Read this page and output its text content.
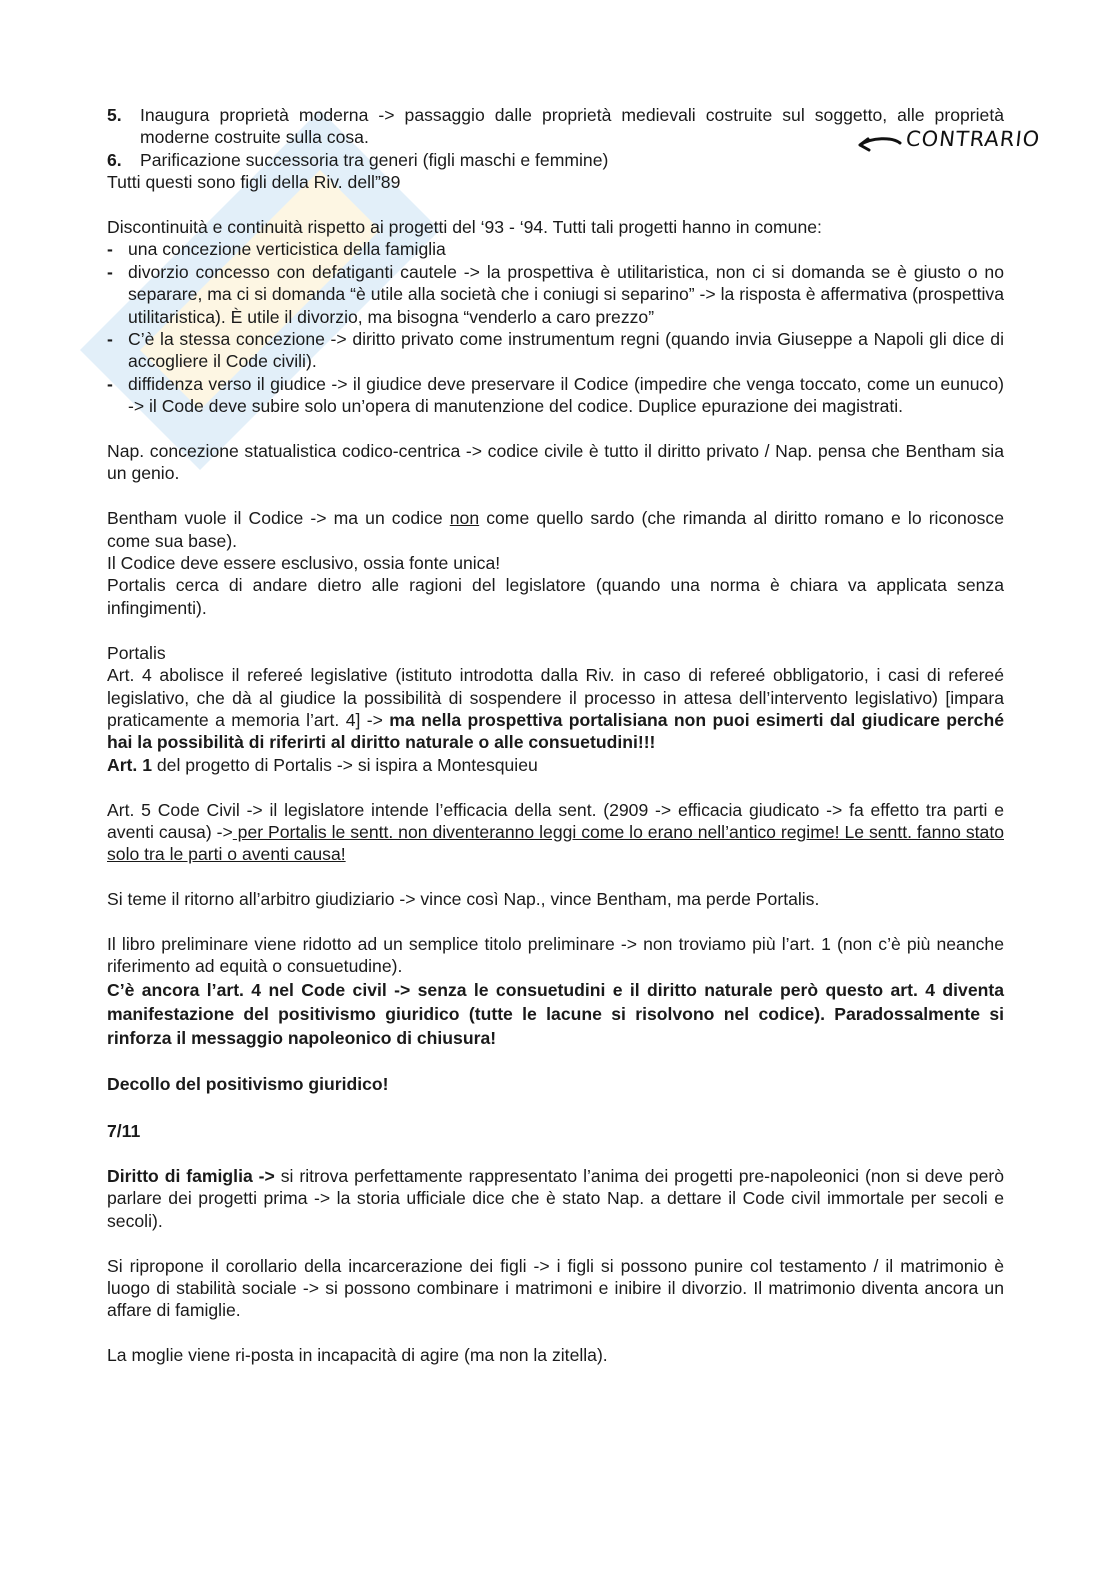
CONTRARIO
5. Inaugura proprietà moderna -> passaggio dalle proprietà medievali costruite sul soggetto, alle proprietà moderne costruite sulla cosa.
6. Parificazione successoria tra generi (figli maschi e femmine)

Tutti questi sono figli della Riv. dell”89

Discontinuità e continuità rispetto ai progetti del ‘93 - ‘94. Tutti tali progetti hanno in comune:

- una concezione verticistica della famiglia
- divorzio concesso con defatiganti cautele -> la prospettiva è utilitaristica, non ci si domanda se è giusto o no separare, ma ci si domanda “è utile alla società che i coniugi si separino” -> la risposta è affermativa (prospettiva utilitaristica). È utile il divorzio, ma bisogna “venderlo a caro prezzo”
- C’è la stessa concezione -> diritto privato come instrumentum regni (quando invia Giuseppe a Napoli gli dice di accogliere il Code civili).
- diffidenza verso il giudice -> il giudice deve preservare il Codice (impedire che venga toccato, come un eunuco) -> il Code deve subire solo un’opera di manutenzione del codice. Duplice epurazione dei magistrati.

Nap. concezione statualistica codico-centrica -> codice civile è tutto il diritto privato / Nap. pensa che Bentham sia un genio.

Bentham vuole il Codice -> ma un codice non come quello sardo (che rimanda al diritto romano e lo riconosce come sua base).

Il Codice deve essere esclusivo, ossia fonte unica!

Portalis cerca di andare dietro alle ragioni del legislatore (quando una norma è chiara va applicata senza infingimenti).

Portalis

Art. 4 abolisce il refereé legislative (istituto introdotta dalla Riv. in caso di refereé obbligatorio, i casi di refereé legislativo, che dà al giudice la possibilità di sospendere il processo in attesa dell’intervento legislativo) [impara praticamente a memoria l’art. 4] -> ma nella prospettiva portalisiana non puoi esimerti dal giudicare perché hai la possibilità di riferirti al diritto naturale o alle consuetudini!!!

Art. 1 del progetto di Portalis -> si ispira a Montesquieu

Art. 5 Code Civil -> il legislatore intende l’efficacia della sent. (2909 -> efficacia giudicato -> fa effetto tra parti e aventi causa) -> per Portalis le sentt. non diventeranno leggi come lo erano nell’antico regime! Le sentt. fanno stato solo tra le parti o aventi causa!

Si teme il ritorno all’arbitro giudiziario -> vince così Nap., vince Bentham, ma perde Portalis.

Il libro preliminare viene ridotto ad un semplice titolo preliminare -> non troviamo più l’art. 1 (non c’è più neanche riferimento ad equità o consuetudine).

C’è ancora l’art. 4 nel Code civil -> senza le consuetudini e il diritto naturale però questo art. 4 diventa manifestazione del positivismo giuridico (tutte le lacune si risolvono nel codice). Paradossalmente si rinforza il messaggio napoleonico di chiusura!

Decollo del positivismo giuridico!

7/11

Diritto di famiglia -> si ritrova perfettamente rappresentato l’anima dei progetti pre-napoleonici (non si deve però parlare dei progetti prima -> la storia ufficiale dice che è stato Nap. a dettare il Code civil immortale per secoli e secoli).

Si ripropone il corollario della incarcerazione dei figli -> i figli si possono punire col testamento / il matrimonio è luogo di stabilità sociale -> si possono combinare i matrimoni e inibire il divorzio. Il matrimonio diventa ancora un affare di famiglie.

La moglie viene ri-posta in incapacità di agire (ma non la zitella).
